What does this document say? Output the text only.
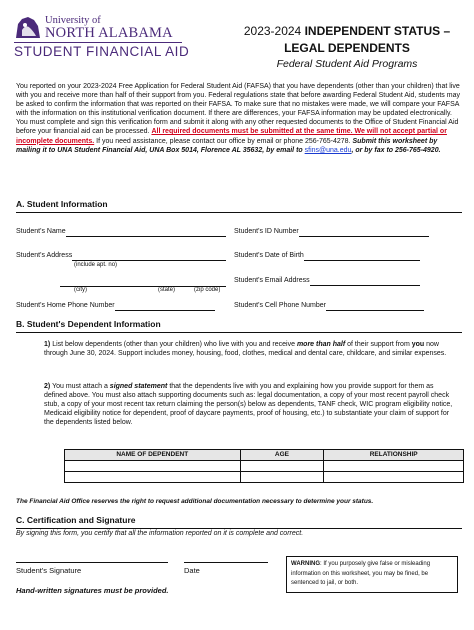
University of
NORTH ALABAMA
STUDENT FINANCIAL AID
2023-2024 INDEPENDENT STATUS –
LEGAL DEPENDENTS
Federal Student Aid Programs
You reported on your 2023-2024 Free Application for Federal Student Aid (FAFSA) that you have dependents (other than your children) that live with you and receive more than half of their support from you. Federal regulations state that before awarding Federal Student Aid, students may be asked to confirm the information that was reported on their FAFSA. To make sure that no mistakes were made, we will compare your FAFSA with the information on this institutional verification document. If there are differences, your FAFSA information may be updated electronically. You must complete and sign this verification form and submit it along with any other requested documents to the Office of Student Financial Aid before your financial aid can be processed. All required documents must be submitted at the same time. We will not accept partial or incomplete documents. If you need assistance, please contact our office by email or phone 256-765-4278. Submit this worksheet by mailing it to UNA Student Financial Aid, UNA Box 5014, Florence AL 35632, by email to sfins@una.edu, or by fax to 256-765-4920.
A. Student Information
Student's Name	Student's ID Number
Student's Address
(include apt. no)
Student's Date of Birth
Student's Email Address
(city)	(state)	(zip code)
Student's Home Phone Number	Student's Cell Phone Number
B. Student's Dependent Information
1) List below dependents (other than your children) who live with you and receive more than half of their support from you now through June 30, 2024. Support includes money, housing, food, clothes, medical and dental care, childcare, and similar expenses.
2) You must attach a signed statement that the dependents live with you and explaining how you provide support for them as defined above. You must also attach supporting documents such as: legal documentation, a copy of your most recent payroll check stub, a copy of your most recent tax return claiming the person(s) below as dependents, TANF check, WIC program eligibility notice, Medicaid eligibility notice for dependent, proof of daycare payments, proof of housing, etc.) to substantiate your claim of support for the dependents listed below.
NAME OF DEPENDENT	AGE	RELATIONSHIP

The Financial Aid Office reserves the right to request additional documentation necessary to determine your status.
C. Certification and Signature
By signing this form, you certify that all the information reported on it is complete and correct.
Student's Signature	Date
Hand-written signatures must be provided.
WARNING: If you purposely give false or misleading information on this worksheet, you may be fined, be sentenced to jail, or both.
